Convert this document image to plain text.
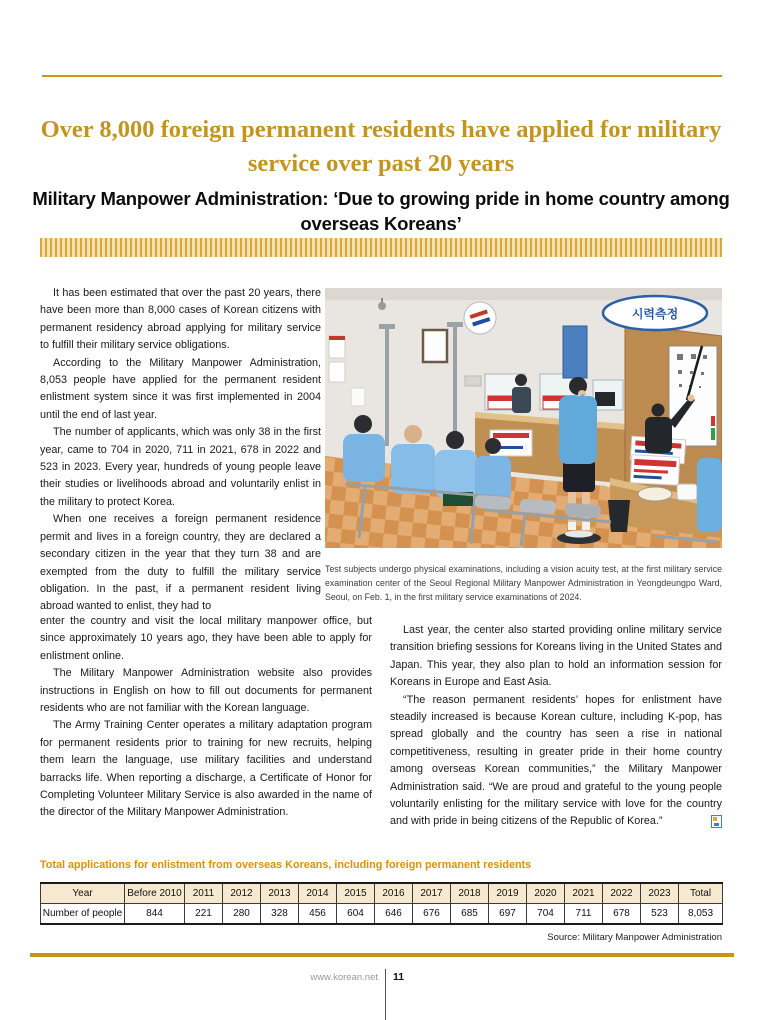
Over 8,000 foreign permanent residents have applied for military service over past 20 years
Military Manpower Administration: ‘Due to growing pride in home country among overseas Koreans’

It has been estimated that over the past 20 years, there have been more than 8,000 cases of Korean citizens with permanent residency abroad applying for military service to fulfill their military service obligations.

According to the Military Manpower Administration, 8,053 people have applied for the permanent resident enlistment system since it was first implemented in 2004 until the end of last year.

The number of applicants, which was only 38 in the first year, came to 704 in 2020, 711 in 2021, 678 in 2022 and 523 in 2023. Every year, hundreds of young people leave their studies or livelihoods abroad and voluntarily enlist in the military to protect Korea.

When one receives a foreign permanent residence permit and lives in a foreign country, they are declared a secondary citizen in the year that they turn 38 and are exempted from the duty to fulfill the military service obligation. In the past, if a permanent resident living abroad wanted to enlist, they had to

enter the country and visit the local military manpower office, but since approximately 10 years ago, they have been able to apply for enlistment online.

The Military Manpower Administration website also provides instructions in English on how to fill out documents for permanent residents who are not familiar with the Korean language.

The Army Training Center operates a military adaptation program for permanent residents prior to training for new recruits, helping them learn the language, use military facilities and understand barracks life. When reporting a discharge, a Certificate of Honor for Completing Volunteer Military Service is also awarded in the name of the director of the Military Manpower Administration.

Last year, the center also started providing online military service transition briefing sessions for Koreans living in the United States and Japan. This year, they also plan to hold an information session for Koreans in Europe and East Asia.

“The reason permanent residents’ hopes for enlistment have steadily increased is because Korean culture, including K-pop, has spread globally and the country has seen a rise in national competitiveness, resulting in greater pride in their home country among overseas Korean communities,” the Military Manpower Administration said. “We are proud and grateful to the young people voluntarily enlisting for the military service with love for the country and with pride in being citizens of the Republic of Korea.”

시력측정

Test subjects undergo physical examinations, including a vision acuity test, at the first military service examination center of the Seoul Regional Military Manpower Administration in Yeongdeungpo Ward, Seoul, on Feb. 1, in the first military service examinations of 2024.

Total applications for enlistment from overseas Koreans, including foreign permanent residents
Year	Before 2010	2011	2012	2013	2014	2015	2016	2017	2018	2019	2020	2021	2022	2023	Total
Number of people	844	221	280	328	456	604	646	676	685	697	704	711	678	523	8,053
Source: Military Manpower Administration
www.korean.net 11
